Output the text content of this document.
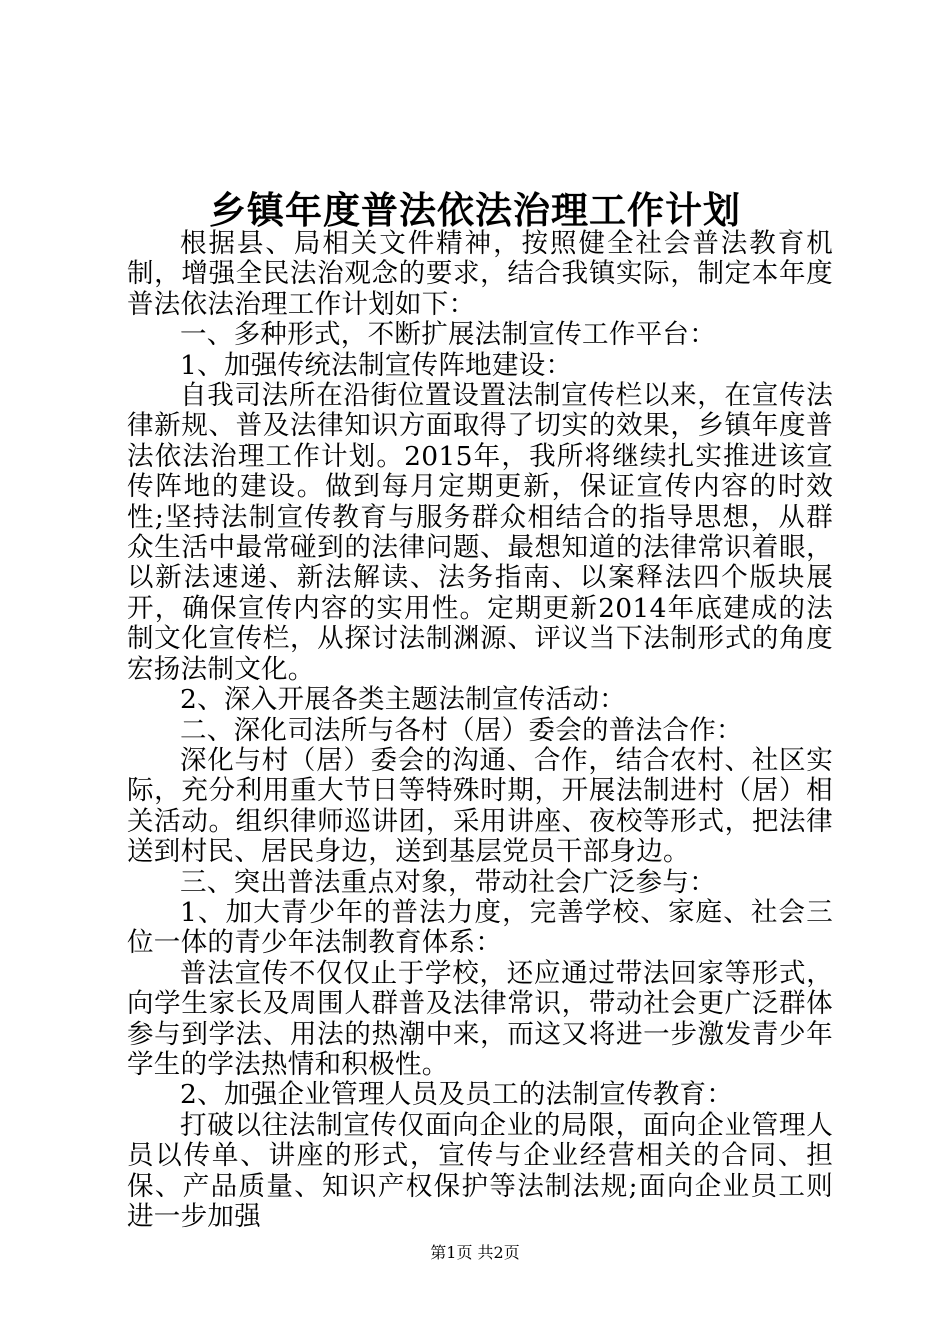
乡镇年度普法依法治理工作计划

根据县、局相关文件精神，按照健全社会普法教育机制，增强全民法治观念的要求，结合我镇实际，制定本年度普法依法治理工作计划如下：

一、多种形式，不断扩展法制宣传工作平台：

1、加强传统法制宣传阵地建设：

自我司法所在沿街位置设置法制宣传栏以来，在宣传法律新规、普及法律知识方面取得了切实的效果，乡镇年度普法依法治理工作计划。2015年，我所将继续扎实推进该宣传阵地的建设。做到每月定期更新，保证宣传内容的时效性;坚持法制宣传教育与服务群众相结合的指导思想，从群众生活中最常碰到的法律问题、最想知道的法律常识着眼，以新法速递、新法解读、法务指南、以案释法四个版块展开，确保宣传内容的实用性。定期更新2014年底建成的法制文化宣传栏，从探讨法制渊源、评议当下法制形式的角度宏扬法制文化。

2、深入开展各类主题法制宣传活动：

二、深化司法所与各村（居）委会的普法合作：

深化与村（居）委会的沟通、合作，结合农村、社区实际，充分利用重大节日等特殊时期，开展法制进村（居）相关活动。组织律师巡讲团，采用讲座、夜校等形式，把法律送到村民、居民身边，送到基层党员干部身边。

三、突出普法重点对象，带动社会广泛参与：

1、加大青少年的普法力度，完善学校、家庭、社会三位一体的青少年法制教育体系：

普法宣传不仅仅止于学校，还应通过带法回家等形式，向学生家长及周围人群普及法律常识，带动社会更广泛群体参与到学法、用法的热潮中来，而这又将进一步激发青少年学生的学法热情和积极性。

2、加强企业管理人员及员工的法制宣传教育：

打破以往法制宣传仅面向企业的局限，面向企业管理人员以传单、讲座的形式，宣传与企业经营相关的合同、担保、产品质量、知识产权保护等法制法规;面向企业员工则进一步加强

第1页 共2页
